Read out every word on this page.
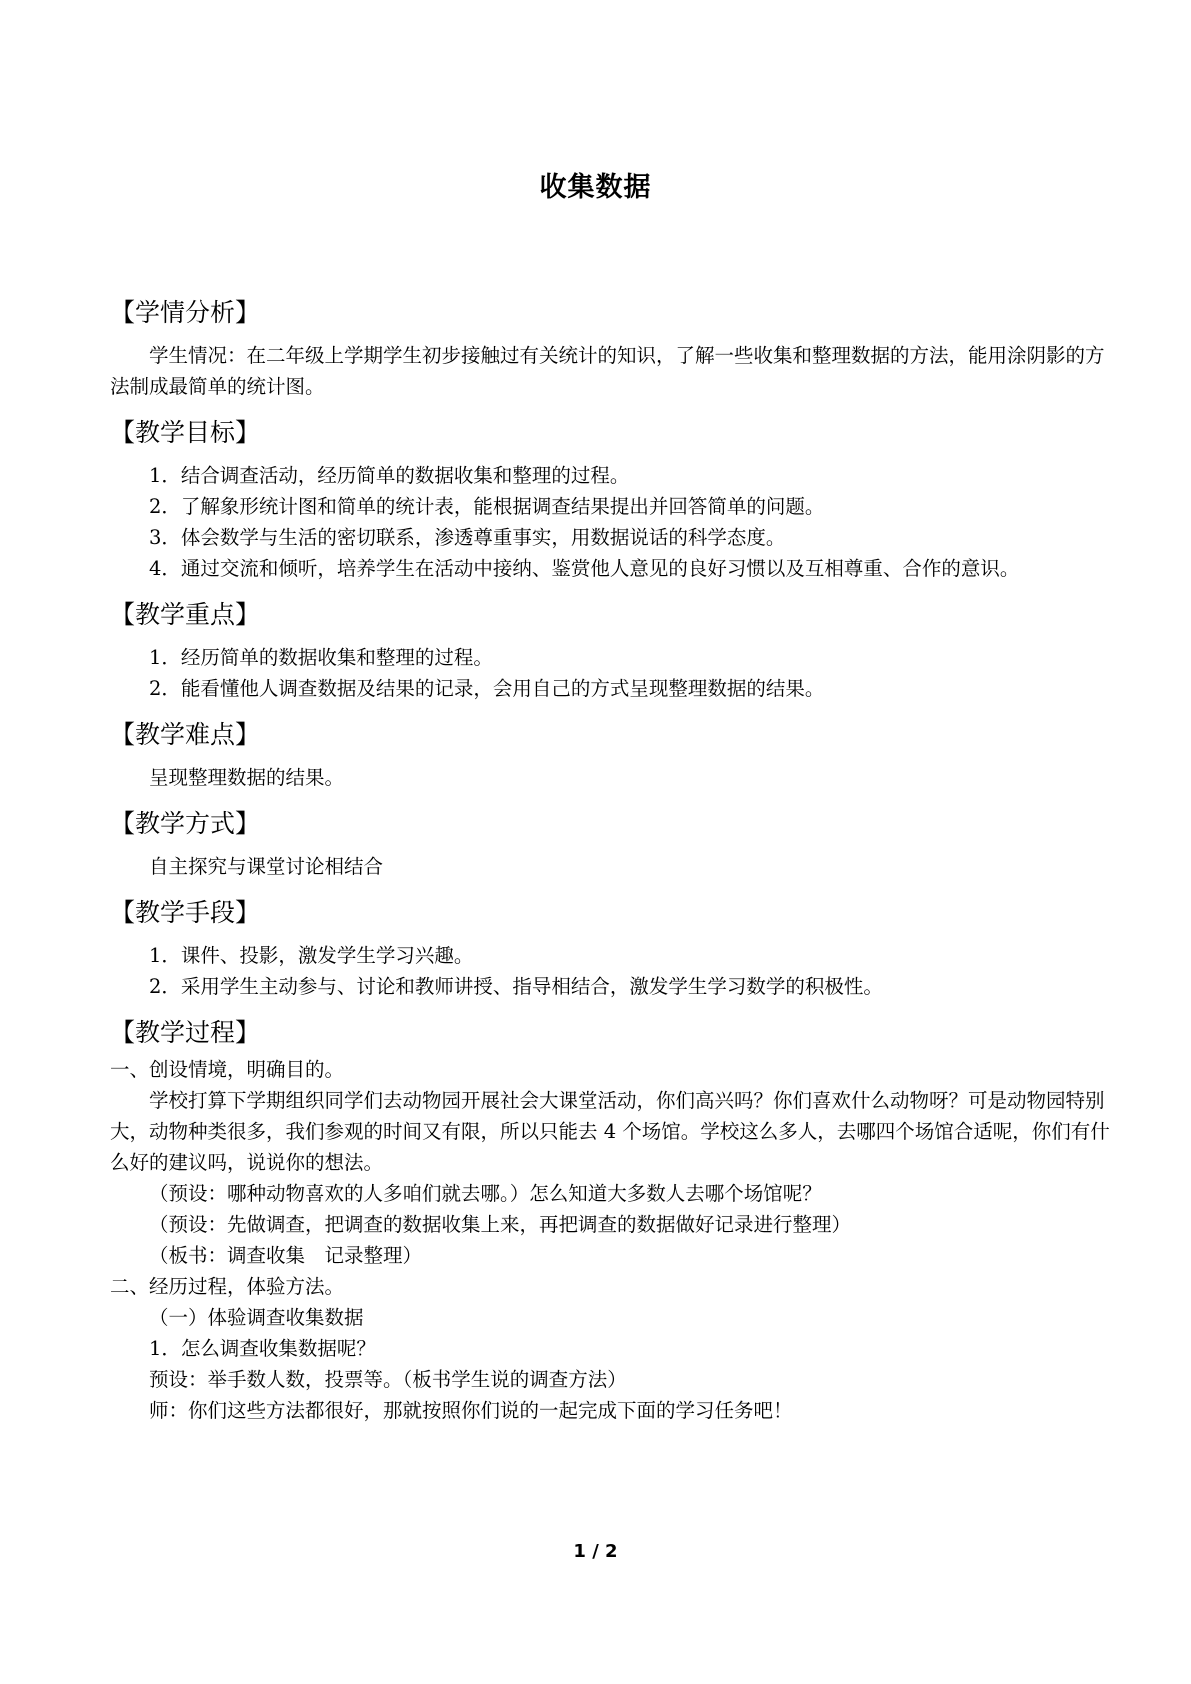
收集数据
【学情分析】

学生情况：在二年级上学期学生初步接触过有关统计的知识，了解一些收集和整理数据的方法，能用涂阴影的方法制成最简单的统计图。

【教学目标】

1．结合调查活动，经历简单的数据收集和整理的过程。

2．了解象形统计图和简单的统计表，能根据调查结果提出并回答简单的问题。

3．体会数学与生活的密切联系，渗透尊重事实，用数据说话的科学态度。

4．通过交流和倾听，培养学生在活动中接纳、鉴赏他人意见的良好习惯以及互相尊重、合作的意识。

【教学重点】

1．经历简单的数据收集和整理的过程。

2．能看懂他人调查数据及结果的记录，会用自己的方式呈现整理数据的结果。

【教学难点】

呈现整理数据的结果。

【教学方式】

自主探究与课堂讨论相结合

【教学手段】

1．课件、投影，激发学生学习兴趣。

2．采用学生主动参与、讨论和教师讲授、指导相结合，激发学生学习数学的积极性。

【教学过程】

一、创设情境，明确目的。

学校打算下学期组织同学们去动物园开展社会大课堂活动，你们高兴吗？你们喜欢什么动物呀？可是动物园特别大，动物种类很多，我们参观的时间又有限，所以只能去 4 个场馆。学校这么多人，去哪四个场馆合适呢，你们有什么好的建议吗，说说你的想法。

（预设：哪种动物喜欢的人多咱们就去哪。）怎么知道大多数人去哪个场馆呢？

（预设：先做调查，把调查的数据收集上来，再把调查的数据做好记录进行整理）

（板书：调查收集　记录整理）

二、经历过程，体验方法。

（一）体验调查收集数据

1．怎么调查收集数据呢？

预设：举手数人数，投票等。（板书学生说的调查方法）

师：你们这些方法都很好，那就按照你们说的一起完成下面的学习任务吧！

1 / 2
